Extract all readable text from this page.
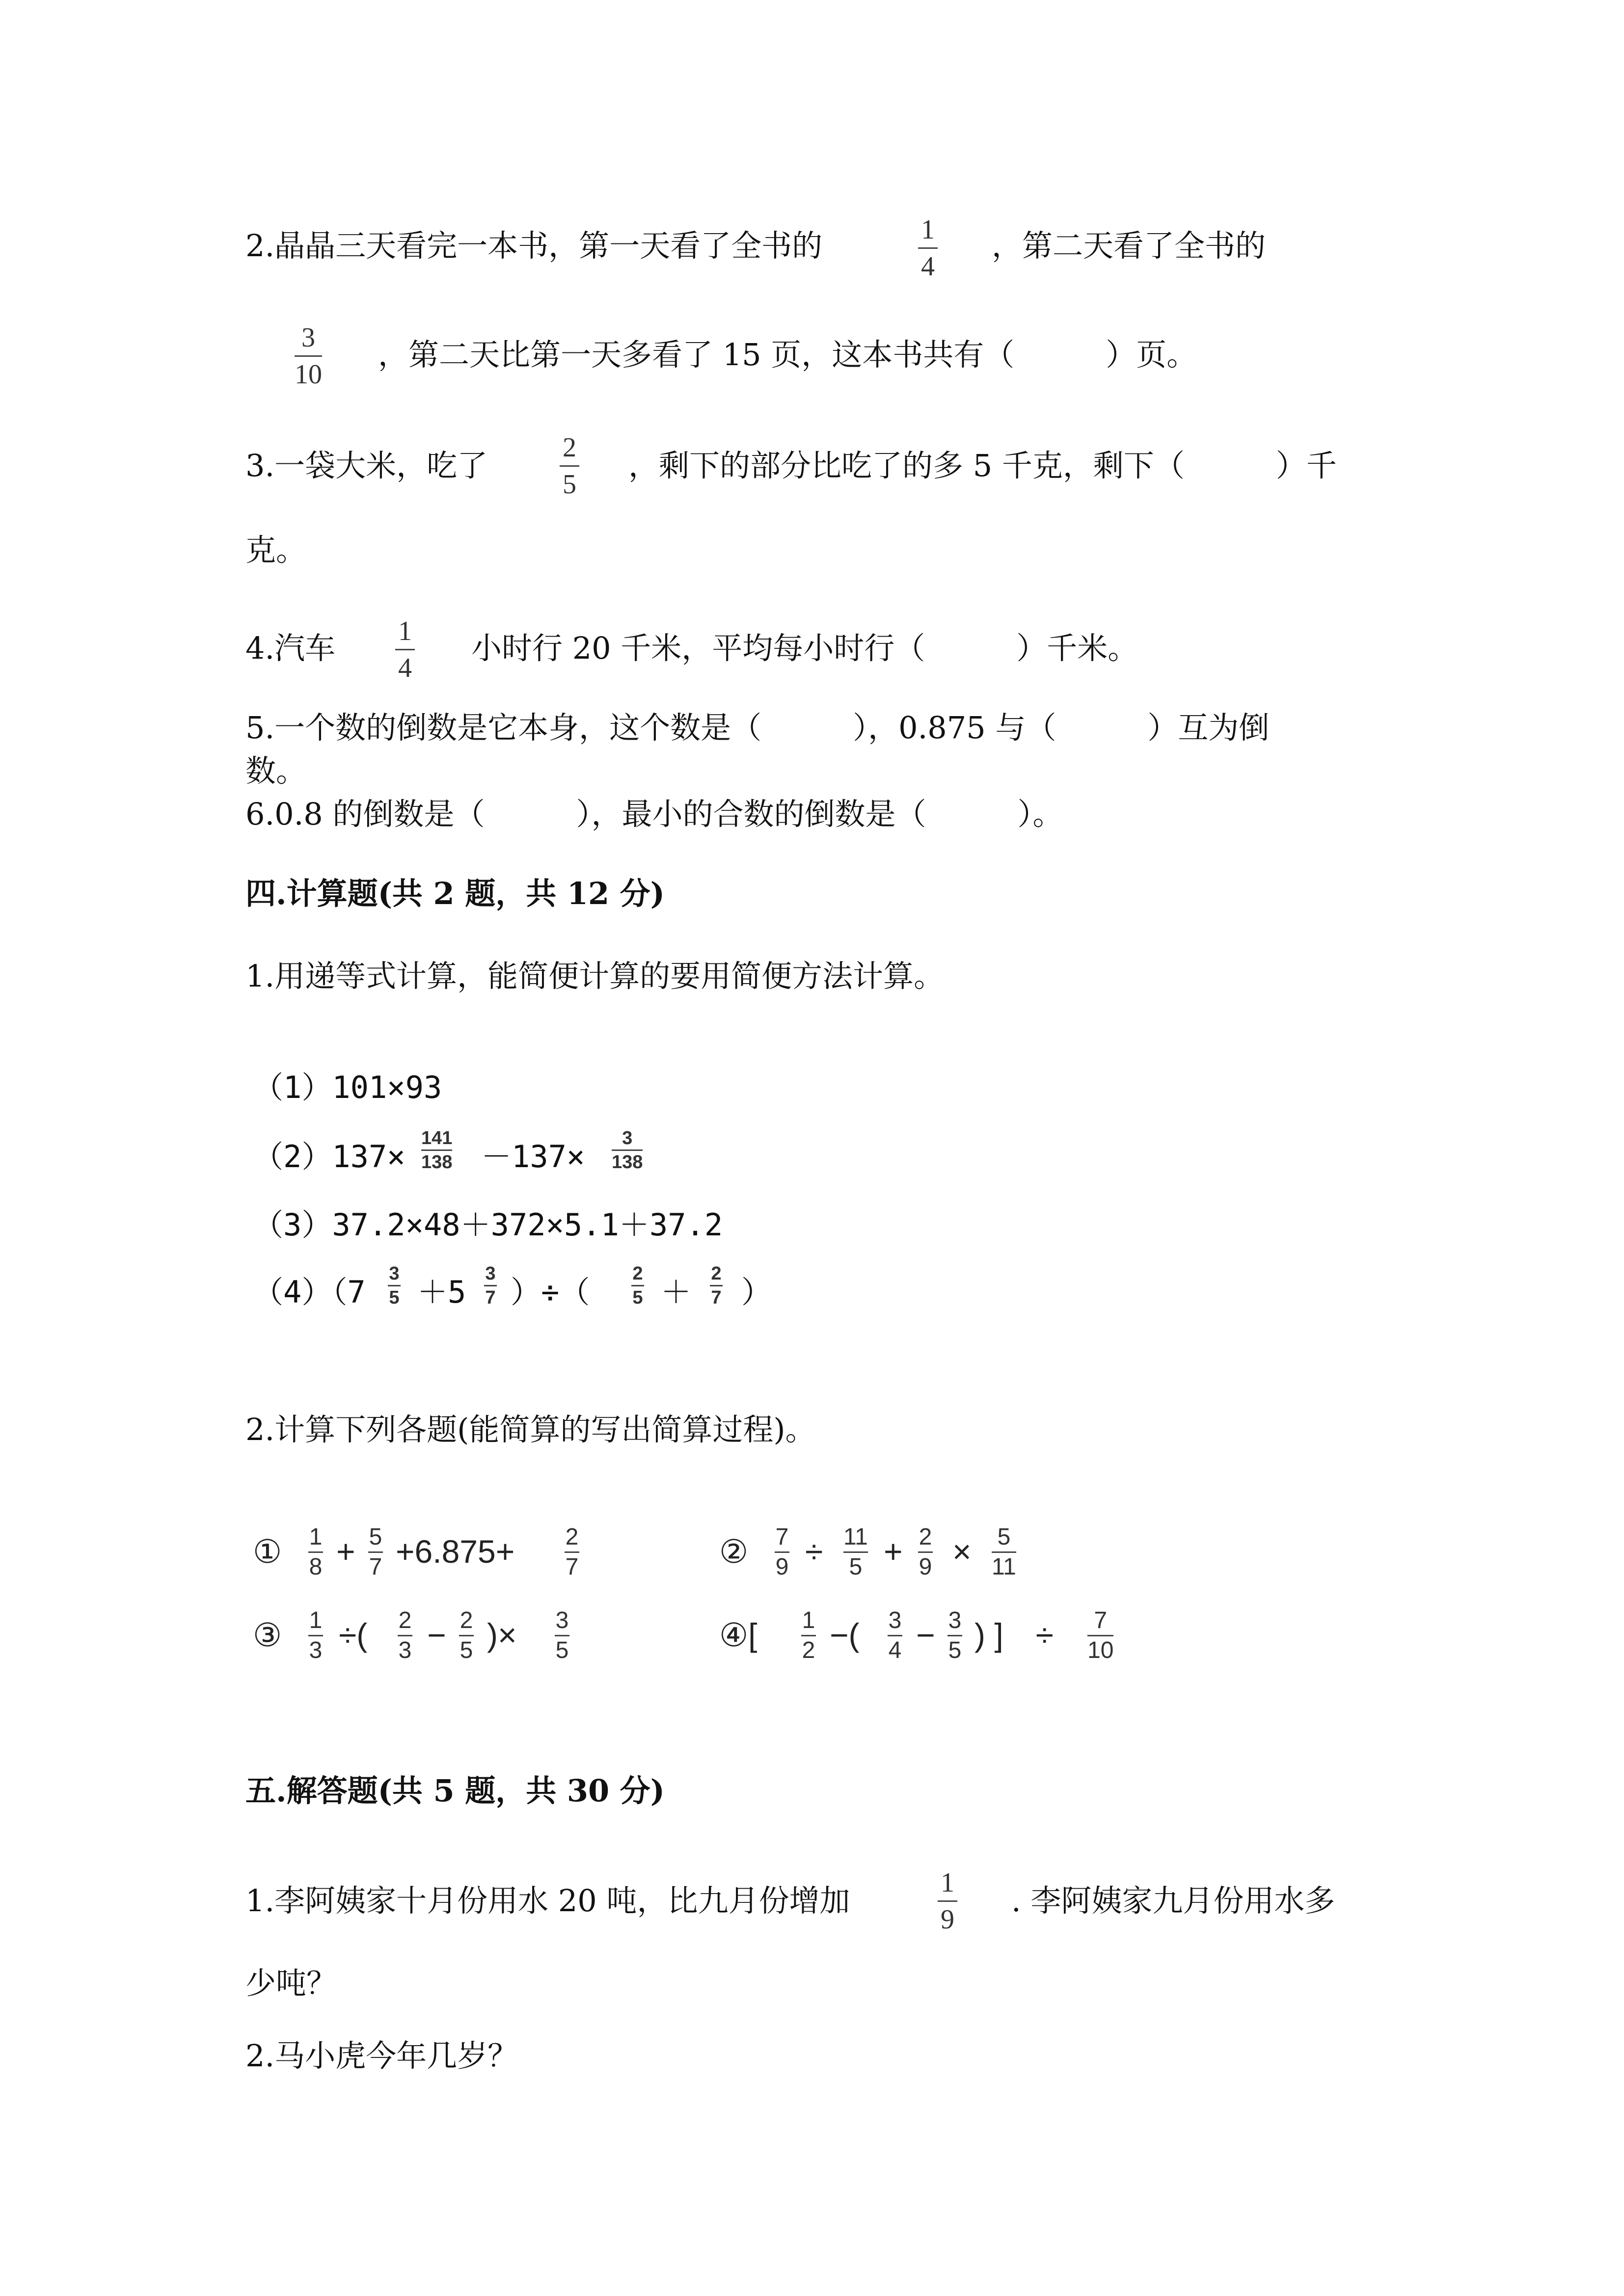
2.晶晶三天看完一本书，第一天看了全书的	1
4
，第二天看了全书的
3
10
，第二天比第一天多看了 15 页，这本书共有（　　　）页。
3.一袋大米，吃了	2
5
，剩下的部分比吃了的多 5 千克，剩下（　　　）千
克。
4.汽车 1
4
小时行 20 千米，平均每小时行（　　　）千米。
5.一个数的倒数是它本身，这个数是（　　　），0.875 与（　　　）互为倒
数。
6.0.8 的倒数是（　　　），最小的合数的倒数是（　　　）。
四.计算题(共 2 题，共 12 分)
1.用递等式计算，能简便计算的要用简便方法计算。
（1）101×93
（2）137×
141
138 －137×
3
138
（3）37.2×48＋372×5.1＋37.2
（4）（7
3
5 ＋5
3
7 ）÷（
2
5 ＋
2
7 ）
2.计算下列各题(能简算的写出简算过程)。
① 1
8 + 5
7 +6.875+ 2
7	② 7
9 ÷ 11
5 + 2
9 × 5
11
③ 1
3 ÷( 2
3 − 2
5 )× 3
5	④[ 1
2 −( 3
4 − 3
5 ) ]　÷ 7
10
五.解答题(共 5 题，共 30 分)
1.李阿姨家十月份用水 20 吨，比九月份增加	1
9
. 李阿姨家九月份用水多
少吨？
2.马小虎今年几岁？
